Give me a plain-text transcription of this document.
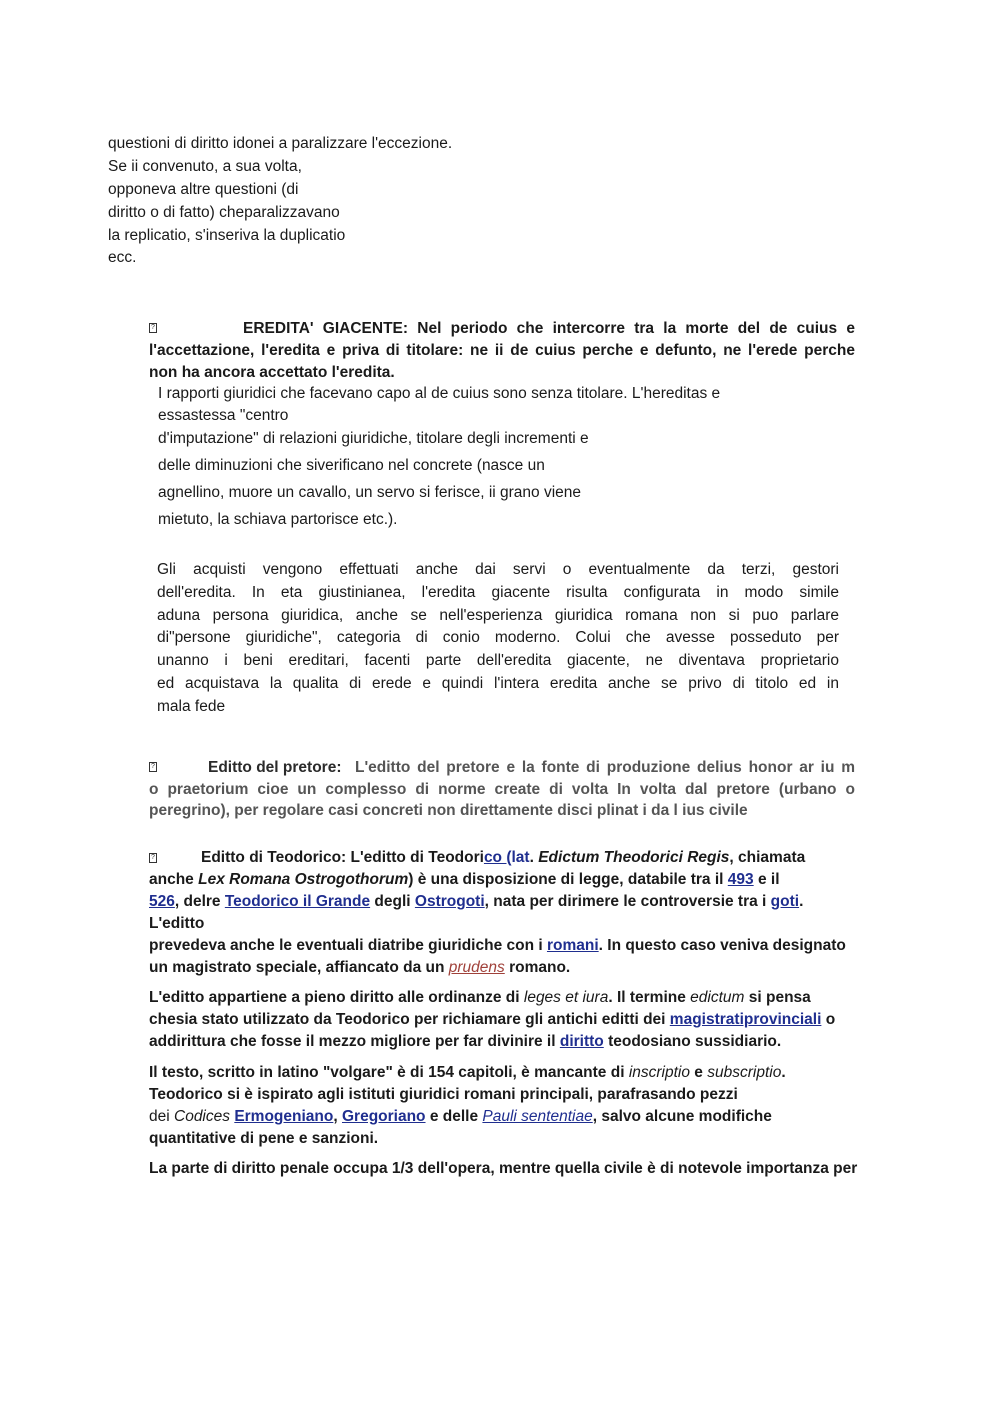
questioni di diritto idonei a paralizzare l'eccezione.
Se ii convenuto, a sua volta,
opponeva altre questioni (di
diritto o di fatto) cheparalizzavano
la replicatio, s'inseriva la duplicatio
ecc.
?	EREDITA' GIACENTE: Nel periodo che intercorre tra la morte del de cuius e
l'accettazione, l'eredita e priva di titolare: ne ii de cuius perche e defunto, ne l'erede perche
non ha ancora accettato l'eredita.
I rapporti giuridici che facevano capo al de cuius sono senza titolare. L'hereditas e
essastessa "centro
d'imputazione" di relazioni giuridiche, titolare degli incrementi e
delle diminuzioni che siverificano nel concrete (nasce un
agnellino, muore un cavallo, un servo si ferisce, ii grano viene
mietuto, la schiava partorisce etc.).
Gli acquisti vengono effettuati anche dai servi o eventualmente da terzi, gestori
dell'eredita. In eta giustinianea, l'eredita giacente risulta configurata in modo simile
aduna persona giuridica, anche se nell'esperienza giuridica romana non si puo parlare
di"persone giuridiche", categoria di conio moderno. Colui che avesse posseduto per
unanno i beni ereditari, facenti parte dell'eredita giacente, ne diventava proprietario
ed acquistava la qualita di erede e quindi l'intera eredita anche se privo di titolo ed in
mala fede
?	Editto del pretore: L'editto del pretore e la fonte di produzione delius honor ar iu m
o praetorium cioe un complesso di norme create di volta In volta dal pretore (urbano o
peregrino), per regolare casi concreti non direttamente disci plinat i da l ius civile
?	Editto di Teodorico: L'editto di Teodorico (lat. Edictum Theodorici Regis, chiamata
anche Lex Romana Ostrogothorum) è una disposizione di legge, databile tra il 493 e il
526, delre Teodorico il Grande degli Ostrogoti, nata per dirimere le controversie tra i goti.
L'editto
prevedeva anche le eventuali diatribe giuridiche con i romani. In questo caso veniva designato
un magistrato speciale, affiancato da un prudens romano.
L'editto appartiene a pieno diritto alle ordinanze di leges et iura. Il termine edictum si pensa
chesia stato utilizzato da Teodorico per richiamare gli antichi editti dei magistratiprovinciali o
addirittura che fosse il mezzo migliore per far divinire il diritto teodosiano sussidiario.
Il testo, scritto in latino "volgare" è di 154 capitoli, è mancante di inscriptio e subscriptio.
Teodorico si è ispirato agli istituti giuridici romani principali, parafrasando pezzi
dei Codices Ermogeniano, Gregoriano e delle Pauli sententiae, salvo alcune modifiche
quantitative di pene e sanzioni.
La parte di diritto penale occupa 1/3 dell'opera, mentre quella civile è di notevole importanza per
